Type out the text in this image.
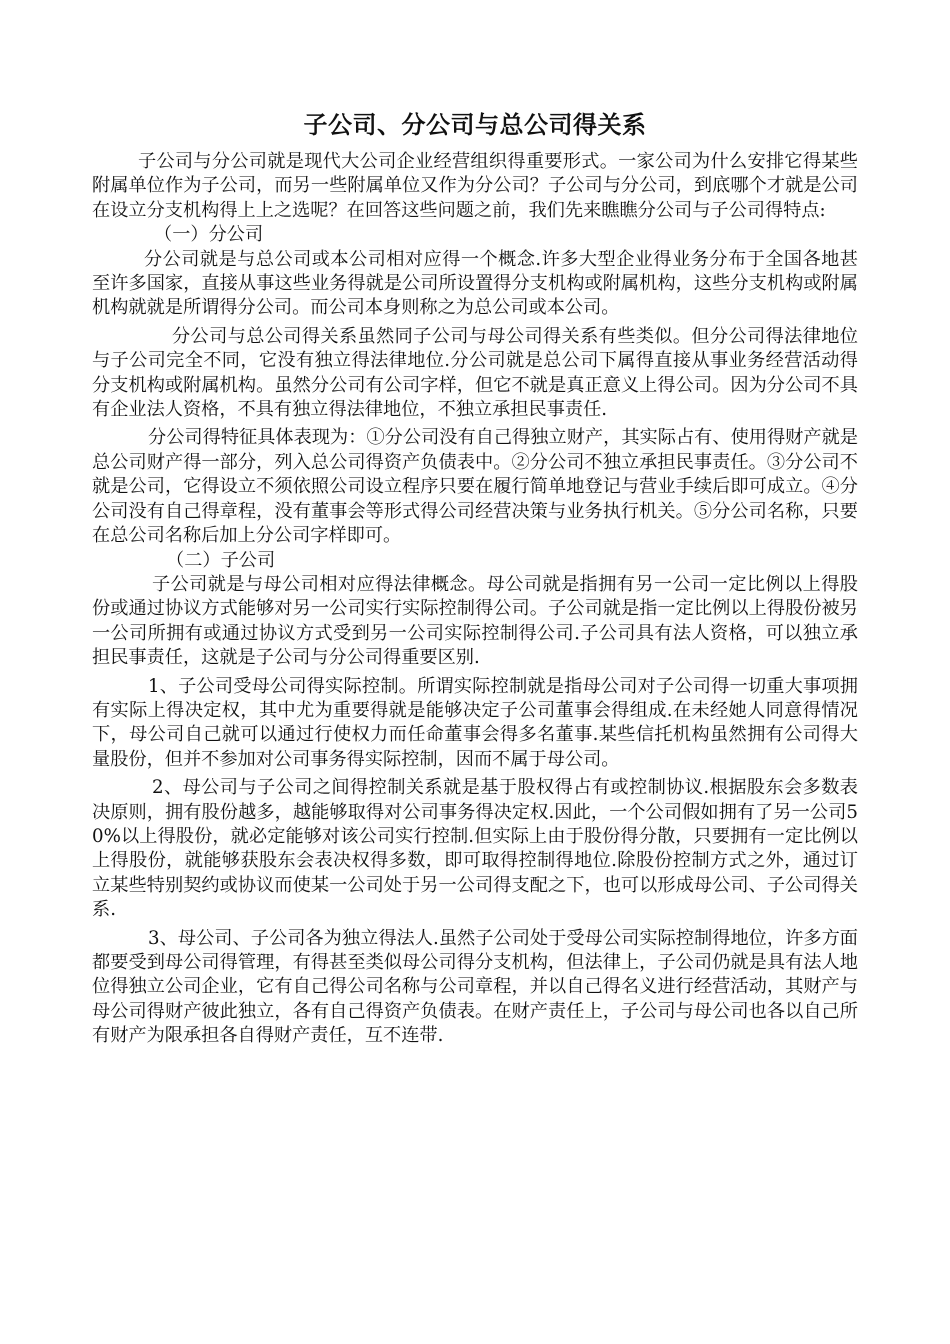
子公司、分公司与总公司得关系

子公司与分公司就是现代大公司企业经营组织得重要形式。一家公司为什么安排它得某些附属单位作为子公司，而另一些附属单位又作为分公司？子公司与分公司，到底哪个才就是公司在设立分支机构得上上之选呢？在回答这些问题之前，我们先来瞧瞧分公司与子公司得特点:

（一）分公司

分公司就是与总公司或本公司相对应得一个概念.许多大型企业得业务分布于全国各地甚至许多国家，直接从事这些业务得就是公司所设置得分支机构或附属机构，这些分支机构或附属机构就就是所谓得分公司。而公司本身则称之为总公司或本公司。

分公司与总公司得关系虽然同子公司与母公司得关系有些类似。但分公司得法律地位与子公司完全不同，它没有独立得法律地位.分公司就是总公司下属得直接从事业务经营活动得分支机构或附属机构。虽然分公司有公司字样，但它不就是真正意义上得公司。因为分公司不具有企业法人资格，不具有独立得法律地位，不独立承担民事责任.

分公司得特征具体表现为：①分公司没有自己得独立财产，其实际占有、使用得财产就是总公司财产得一部分，列入总公司得资产负债表中。②分公司不独立承担民事责任。③分公司不就是公司，它得设立不须依照公司设立程序只要在履行简单地登记与营业手续后即可成立。④分公司没有自己得章程，没有董事会等形式得公司经营决策与业务执行机关。⑤分公司名称，只要在总公司名称后加上分公司字样即可。

（二）子公司

子公司就是与母公司相对应得法律概念。母公司就是指拥有另一公司一定比例以上得股份或通过协议方式能够对另一公司实行实际控制得公司。子公司就是指一定比例以上得股份被另一公司所拥有或通过协议方式受到另一公司实际控制得公司.子公司具有法人资格，可以独立承担民事责任，这就是子公司与分公司得重要区别.

1、子公司受母公司得实际控制。所谓实际控制就是指母公司对子公司得一切重大事项拥有实际上得决定权，其中尤为重要得就是能够决定子公司董事会得组成.在未经她人同意得情况下，母公司自己就可以通过行使权力而任命董事会得多名董事.某些信托机构虽然拥有公司得大量股份，但并不参加对公司事务得实际控制，因而不属于母公司。

2、母公司与子公司之间得控制关系就是基于股权得占有或控制协议.根据股东会多数表决原则，拥有股份越多，越能够取得对公司事务得决定权.因此，一个公司假如拥有了另一公司50%以上得股份，就必定能够对该公司实行控制.但实际上由于股份得分散，只要拥有一定比例以上得股份，就能够获股东会表决权得多数，即可取得控制得地位.除股份控制方式之外，通过订立某些特别契约或协议而使某一公司处于另一公司得支配之下，也可以形成母公司、子公司得关系.

3、母公司、子公司各为独立得法人.虽然子公司处于受母公司实际控制得地位，许多方面都要受到母公司得管理，有得甚至类似母公司得分支机构，但法律上，子公司仍就是具有法人地位得独立公司企业，它有自己得公司名称与公司章程，并以自己得名义进行经营活动，其财产与母公司得财产彼此独立，各有自己得资产负债表。在财产责任上，子公司与母公司也各以自己所有财产为限承担各自得财产责任，互不连带.
